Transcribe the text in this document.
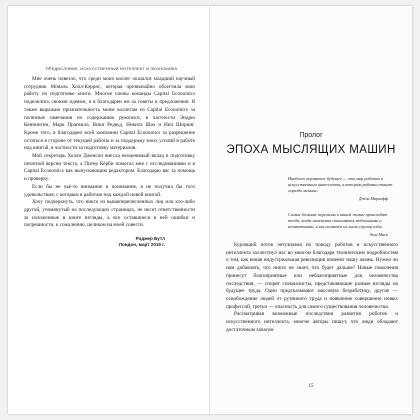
ПРЕДИСЛОВИЕ. ИСКУССТВЕННЫЙ ИНТЕЛЛЕКТ И ЭКОНОМИКА

Мне очень повезло, что среди моих коллег оказался младший научный сотрудник Мональ Холл-Кэррис, которая чрезвычайно облегчила мою работу по подготовке книги. Многие члены команды Capital Economics поделились своими идеями, и я благодарен им за советы и предложения. Я также выражаю признательность моим коллегам из Capital Economics за полезные замечания по содержанию рукописи, в частности Эндрю Кеннингем, Марк Прагвилл, Вики Редвуд, Никита Шах и Нил Ширинг. Кроме того, я благодарен всей компании Capital Economics за разрешение остаться в стороне от текущей работы и за поддержку моих усилий в работе над книгой, в частности за подготовку материалов.

Мой секретарь Холли Дженсон внесла неоценимый вклад в подготовку печатной версии текста, а Питер Кёрби помогал мне с исследованиями и в Capital Economics как выпускающим редактором. Благодарю вас за помощь и проверку.

Если бы не чьё-то внимание и понимание, я не получил бы того удовольствия, с которым я работаю над каждой новой книгой.

Хочу подчеркнуть, что никто из вышеперечисленных лиц или кто-либо другой, упомянутый на последующих страницах, не несет ответственности за изложенные в книге взгляды, а все оставшиеся в ней ошибки и погрешности, к сожалению, целиком на моей совести.

Роджер Бутл
Лондон, март 2019 г.
Пролог
ЭПОХА МЫСЛЯЩИХ МАШИН

Наиболее вероятное будущее — это мир роботов и искусственного интеллекта, в котором работы станет гораздо меньше.

Джон Маркофф

Самые большие перемены в нашей жизни происходят тогда, когда изменения становятся медленными и незаметными, а мы осознаём их лишь спустя годы.

Элон Маск

Бурлящий поток энтузиазма по поводу роботов и искусственного интеллекта захлестнул нас во многом благодаря техническим подробностям о том, как новая индустриальная революция изменит нашу жизнь. Нужно ли нам добавлять, что никто не знает, что будет дальше? Новые поколения принесут благоприятные или неблагоприятные для человечества последствия, — спорят специалисты, представляющие разные взгляды на будущее труда. Одни предсказывают массовую безработицу, другие — освобождение людей от рутинного труда и появление совершенно новых профессий, третьи — опасность для самого существования человечества.

Рассматривая возможные последствия развития роботов и искусственного интеллекта, многие авторы пишут, что люди обладают достаточным запасом

15
